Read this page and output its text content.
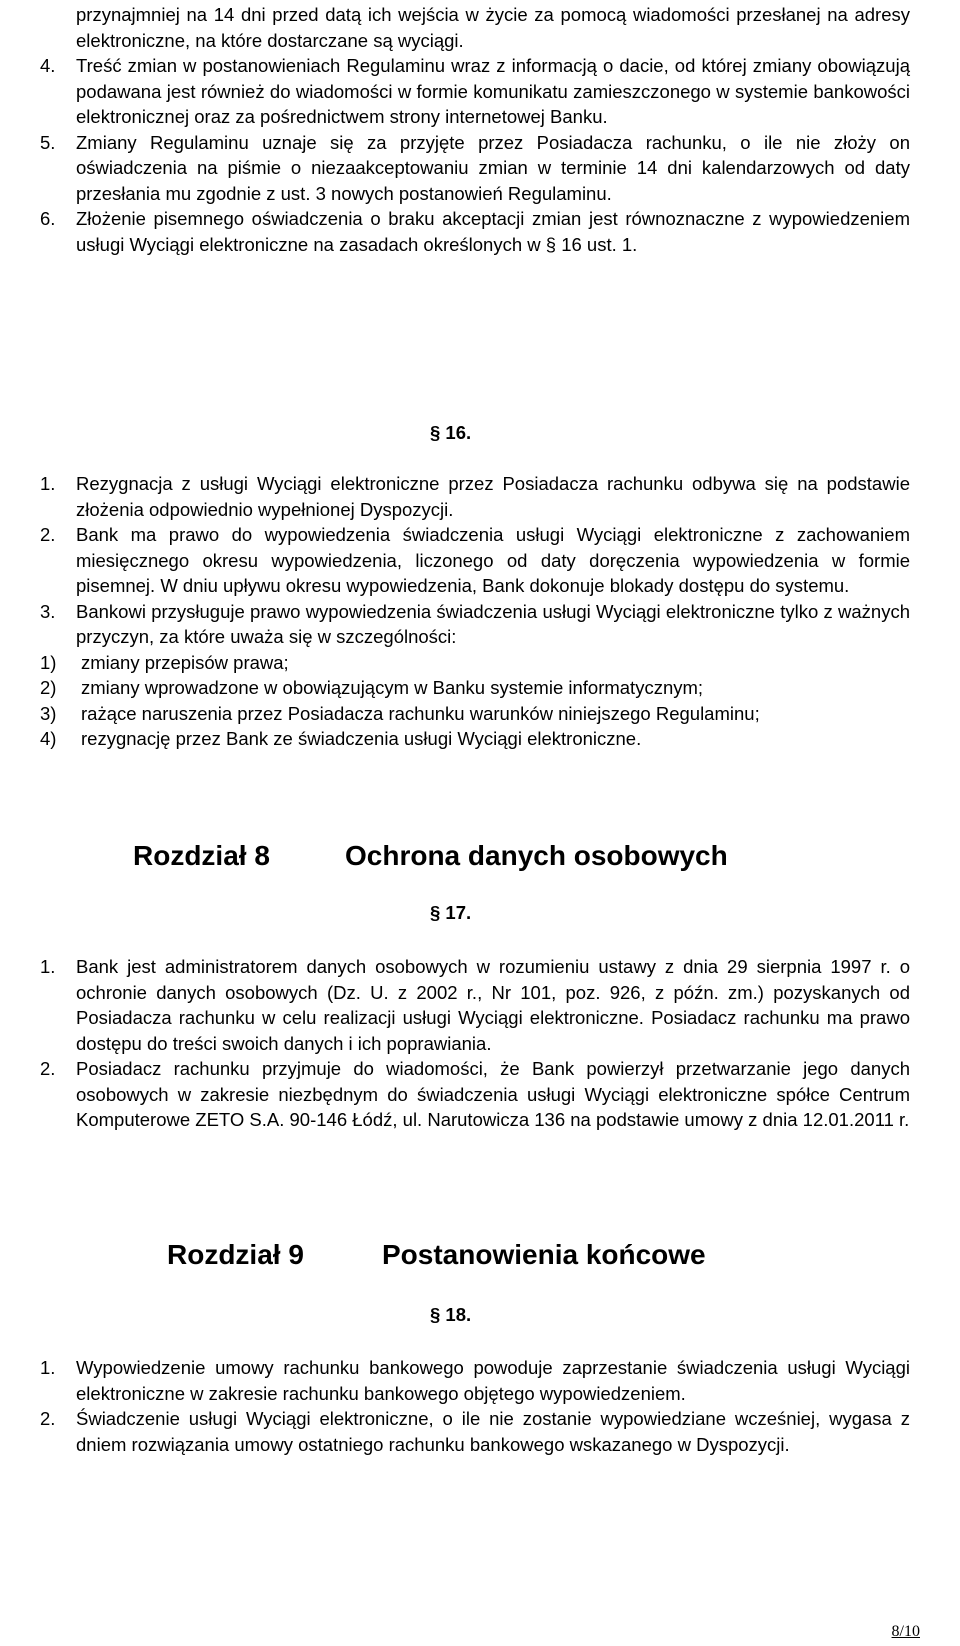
przynajmniej na 14 dni przed datą ich wejścia w życie za pomocą wiadomości przesłanej na adresy elektroniczne, na które dostarczane są wyciągi.
4.	Treść zmian w postanowieniach Regulaminu wraz z informacją o dacie, od której zmiany obowiązują podawana jest również do wiadomości w formie komunikatu zamieszczonego w systemie bankowości elektronicznej oraz za pośrednictwem strony internetowej Banku.
5.	Zmiany Regulaminu uznaje się za przyjęte przez Posiadacza rachunku, o ile nie złoży on oświadczenia na piśmie o niezaakceptowaniu zmian w terminie 14 dni kalendarzowych od daty przesłania mu zgodnie z ust. 3 nowych postanowień Regulaminu.
6.	Złożenie pisemnego oświadczenia o braku akceptacji zmian jest równoznaczne z wypowiedzeniem usługi Wyciągi elektroniczne na zasadach określonych w § 16 ust. 1.
§ 16.
1.	Rezygnacja z usługi Wyciągi elektroniczne przez Posiadacza rachunku odbywa się na podstawie złożenia odpowiednio wypełnionej Dyspozycji.
2.	Bank ma prawo do wypowiedzenia świadczenia usługi Wyciągi elektroniczne z zachowaniem miesięcznego okresu wypowiedzenia, liczonego od daty doręczenia wypowiedzenia w formie pisemnej. W dniu upływu okresu wypowiedzenia, Bank dokonuje blokady dostępu do systemu.
3.	Bankowi przysługuje prawo wypowiedzenia świadczenia usługi Wyciągi elektroniczne tylko z ważnych przyczyn, za które uważa się w szczególności:
1)	zmiany przepisów prawa;
2)	zmiany wprowadzone w obowiązującym w Banku systemie informatycznym;
3)	rażące naruszenia przez Posiadacza rachunku warunków niniejszego Regulaminu;
4)	rezygnację przez Bank ze świadczenia usługi Wyciągi elektroniczne.
Rozdział 8	Ochrona danych osobowych
§ 17.
1.	Bank jest administratorem danych osobowych w rozumieniu ustawy z dnia 29 sierpnia 1997 r. o ochronie danych osobowych (Dz. U. z 2002 r., Nr 101, poz. 926, z późn. zm.) pozyskanych od Posiadacza rachunku w celu realizacji usługi Wyciągi elektroniczne. Posiadacz rachunku ma prawo dostępu do treści swoich danych i ich poprawiania.
2.	Posiadacz rachunku przyjmuje do wiadomości, że Bank powierzył przetwarzanie jego danych osobowych w zakresie niezbędnym do świadczenia usługi Wyciągi elektroniczne spółce Centrum Komputerowe ZETO S.A. 90-146 Łódź, ul. Narutowicza 136 na podstawie umowy z dnia 12.01.2011 r.
Rozdział 9	Postanowienia końcowe
§ 18.
1.	Wypowiedzenie umowy rachunku bankowego powoduje zaprzestanie świadczenia usługi Wyciągi elektroniczne w zakresie rachunku bankowego objętego wypowiedzeniem.
2.	Świadczenie usługi Wyciągi elektroniczne, o ile nie zostanie wypowiedziane wcześniej, wygasa z dniem rozwiązania umowy ostatniego rachunku bankowego wskazanego w Dyspozycji.
8/10
